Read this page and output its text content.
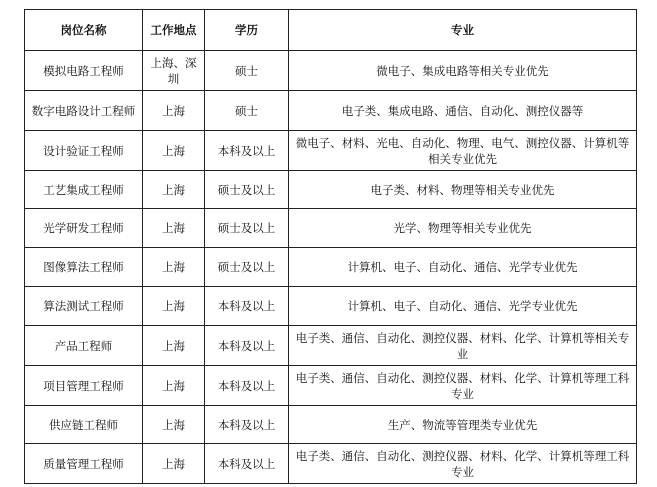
岗位名称	工作地点	学历	专业
模拟电路工程师	上海、深圳	硕士	微电子、集成电路等相关专业优先
数字电路设计工程师	上海	硕士	电子类、集成电路、通信、自动化、测控仪器等
设计验证工程师	上海	本科及以上	微电子、材料、光电、自动化、物理、电气、测控仪器、计算机等相关专业优先
工艺集成工程师	上海	硕士及以上	电子类、材料、物理等相关专业优先
光学研发工程师	上海	硕士及以上	光学、物理等相关专业优先
图像算法工程师	上海	硕士及以上	计算机、电子、自动化、通信、光学专业优先
算法测试工程师	上海	本科及以上	计算机、电子、自动化、通信、光学专业优先
产品工程师	上海	本科及以上	电子类、通信、自动化、测控仪器、材料、化学、计算机等相关专业
项目管理工程师	上海	本科及以上	电子类、通信、自动化、测控仪器、材料、化学、计算机等理工科专业
供应链工程师	上海	本科及以上	生产、物流等管理类专业优先
质量管理工程师	上海	本科及以上	电子类、通信、自动化、测控仪器、材料、化学、计算机等理工科专业
